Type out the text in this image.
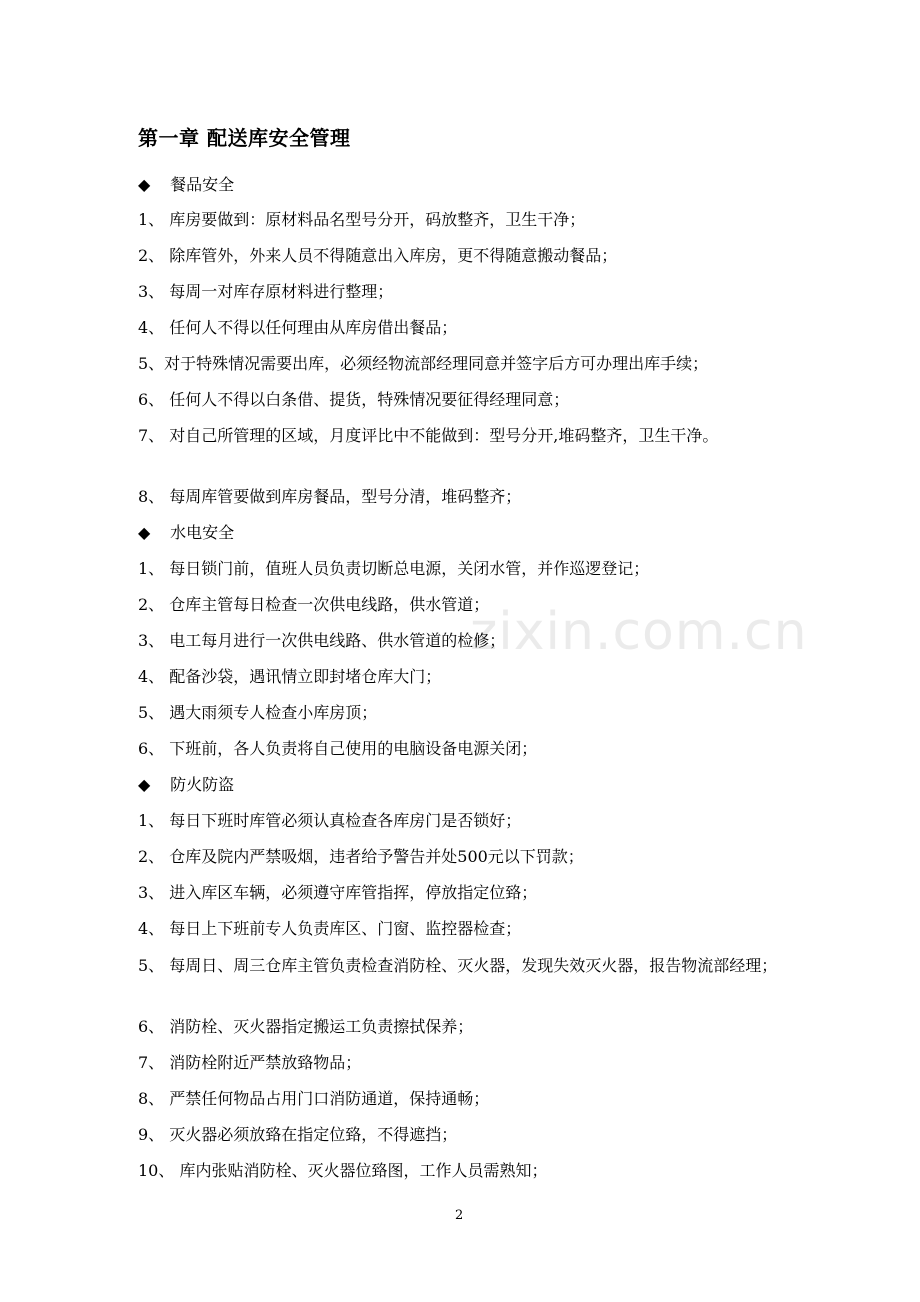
zixin.com.cn
第一章 配送库安全管理
◆ 餐品安全
1、 库房要做到：原材料品名型号分开，码放整齐，卫生干净；
2、 除库管外，外来人员不得随意出入库房，更不得随意搬动餐品；
3、 每周一对库存原材料进行整理；
4、 任何人不得以任何理由从库房借出餐品；
5、对于特殊情况需要出库，必须经物流部经理同意并签字后方可办理出库手续；
6、 任何人不得以白条借、提货，特殊情况要征得经理同意；
7、 对自己所管理的区域，月度评比中不能做到：型号分开,堆码整齐，卫生干净。
8、 每周库管要做到库房餐品，型号分清，堆码整齐；
◆ 水电安全
1、 每日锁门前，值班人员负责切断总电源，关闭水管，并作巡逻登记；
2、 仓库主管每日检查一次供电线路，供水管道；
3、 电工每月进行一次供电线路、供水管道的检修；
4、 配备沙袋，遇讯情立即封堵仓库大门；
5、 遇大雨须专人检查小库房顶；
6、 下班前，各人负责将自己使用的电脑设备电源关闭；
◆ 防火防盗
1、 每日下班时库管必须认真检查各库房门是否锁好；
2、 仓库及院内严禁吸烟，违者给予警告并处500元以下罚款；
3、 进入库区车辆，必须遵守库管指挥，停放指定位臵；
4、 每日上下班前专人负责库区、门窗、监控器检查；
5、 每周日、周三仓库主管负责检查消防栓、灭火器，发现失效灭火器，报告物流部经理；
6、 消防栓、灭火器指定搬运工负责擦拭保养；
7、 消防栓附近严禁放臵物品；
8、 严禁任何物品占用门口消防通道，保持通畅；
9、 灭火器必须放臵在指定位臵，不得遮挡；
10、 库内张贴消防栓、灭火器位臵图，工作人员需熟知；
2
